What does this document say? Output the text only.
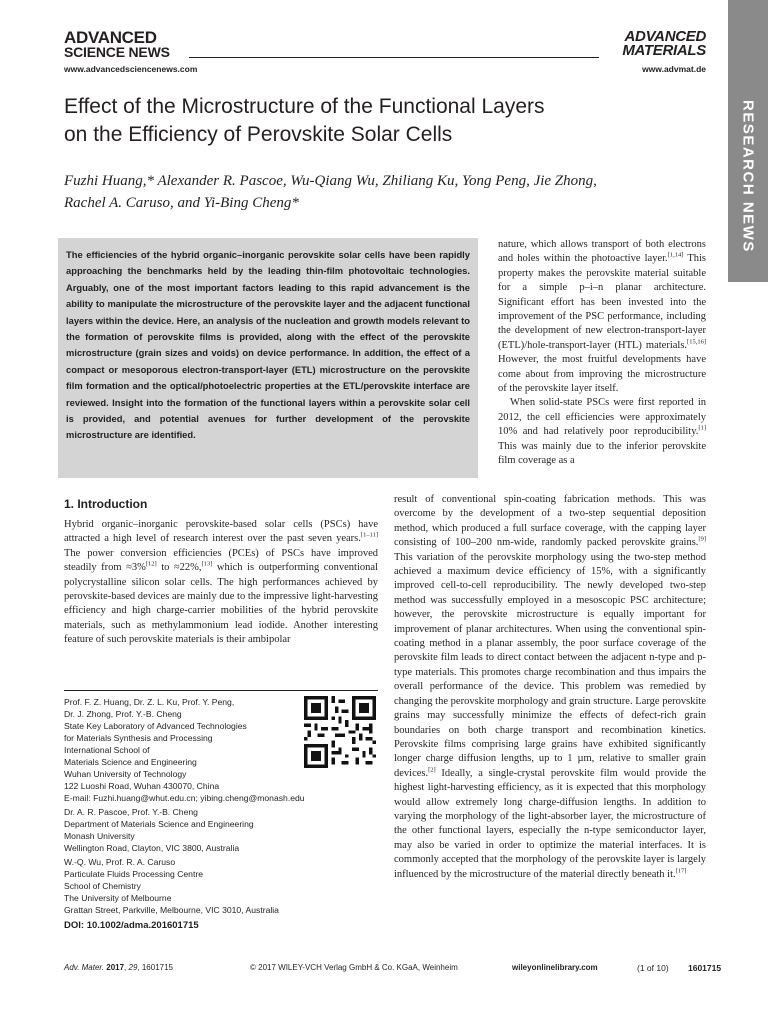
ADVANCED
SCIENCE NEWS
www.advancedsciencenews.com
ADVANCED
MATERIALS
www.advmat.de
RESEARCH NEWS
Effect of the Microstructure of the Functional Layers
on the Efficiency of Perovskite Solar Cells
Fuzhi Huang,* Alexander R. Pascoe, Wu-Qiang Wu, Zhiliang Ku, Yong Peng, Jie Zhong,
Rachel A. Caruso, and Yi-Bing Cheng*

The efficiencies of the hybrid organic–inorganic perovskite solar cells have been rapidly approaching the benchmarks held by the leading thin-film photovoltaic technologies. Arguably, one of the most important factors leading to this rapid advancement is the ability to manipulate the microstructure of the perovskite layer and the adjacent functional layers within the device. Here, an analysis of the nucleation and growth models relevant to the formation of perovskite films is provided, along with the effect of the perovskite microstructure (grain sizes and voids) on device performance. In addition, the effect of a compact or mesoporous electron-transport-layer (ETL) microstructure on the perovskite film formation and the optical/photoelectric properties at the ETL/perovskite interface are reviewed. Insight into the formation of the functional layers within a perovskite solar cell is provided, and potential avenues for further development of the perovskite microstructure are identified.

nature, which allows transport of both electrons and holes within the photoactive layer.[1,14] This property makes the perovskite material suitable for a simple p–i–n planar architecture. Significant effort has been invested into the improvement of the PSC performance, including the development of new electron-transport-layer (ETL)/hole-transport-layer (HTL) materials.[15,16] However, the most fruitful developments have come about from improving the microstructure of the perovskite layer itself.

When solid-state PSCs were first reported in 2012, the cell efficiencies were approximately 10% and had relatively poor reproducibility.[1] This was mainly due to the inferior perovskite film coverage as a

1. Introduction

Hybrid organic–inorganic perovskite-based solar cells (PSCs) have attracted a high level of research interest over the past seven years.[1–11] The power conversion efficiencies (PCEs) of PSCs have improved steadily from ≈3%[12] to ≈22%,[13] which is outperforming conventional polycrystalline silicon solar cells. The high performances achieved by perovskite-based devices are mainly due to the impressive light-harvesting efficiency and high charge-carrier mobilities of the hybrid perovskite materials, such as methylammonium lead iodide. Another interesting feature of such perovskite materials is their ambipolar

result of conventional spin-coating fabrication methods. This was overcome by the development of a two-step sequential deposition method, which produced a full surface coverage, with the capping layer consisting of 100–200 nm-wide, randomly packed perovskite grains.[9] This variation of the perovskite morphology using the two-step method achieved a maximum device efficiency of 15%, with a significantly improved cell-to-cell reproducibility. The newly developed two-step method was successfully employed in a mesoscopic PSC architecture; however, the perovskite microstructure is equally important for improvement of planar architectures. When using the conventional spin-coating method in a planar assembly, the poor surface coverage of the perovskite film leads to direct contact between the adjacent n-type and p-type materials. This promotes charge recombination and thus impairs the overall performance of the device. This problem was remedied by changing the perovskite morphology and grain structure. Large perovskite grains may successfully minimize the effects of defect-rich grain boundaries on both charge transport and recombination kinetics. Perovskite films comprising large grains have exhibited significantly longer charge diffusion lengths, up to 1 µm, relative to smaller grain devices.[2] Ideally, a single-crystal perovskite film would provide the highest light-harvesting efficiency, as it is expected that this morphology would allow extremely long charge-diffusion lengths. In addition to varying the morphology of the light-absorber layer, the microstructure of the other functional layers, especially the n-type semiconductor layer, may also be varied in order to optimize the material interfaces. It is commonly accepted that the morphology of the perovskite layer is largely influenced by the microstructure of the material directly beneath it.[17]

Prof. F. Z. Huang, Dr. Z. L. Ku, Prof. Y. Peng,
Dr. J. Zhong, Prof. Y.-B. Cheng
State Key Laboratory of Advanced Technologies
for Materials Synthesis and Processing
International School of
Materials Science and Engineering
Wuhan University of Technology
122 Luoshi Road, Wuhan 430070, China
E-mail: Fuzhi.huang@whut.edu.cn; yibing.cheng@monash.edu
Dr. A. R. Pascoe, Prof. Y.-B. Cheng
Department of Materials Science and Engineering
Monash University
Wellington Road, Clayton, VIC 3800, Australia
W.-Q. Wu, Prof. R. A. Caruso
Particulate Fluids Processing Centre
School of Chemistry
The University of Melbourne
Grattan Street, Parkville, Melbourne, VIC 3010, Australia
DOI: 10.1002/adma.201601715
Adv. Mater. 2017, 29, 1601715	© 2017 WILEY-VCH Verlag GmbH & Co. KGaA, Weinheim	wileyonlinelibrary.com	(1 of 10) 1601715
